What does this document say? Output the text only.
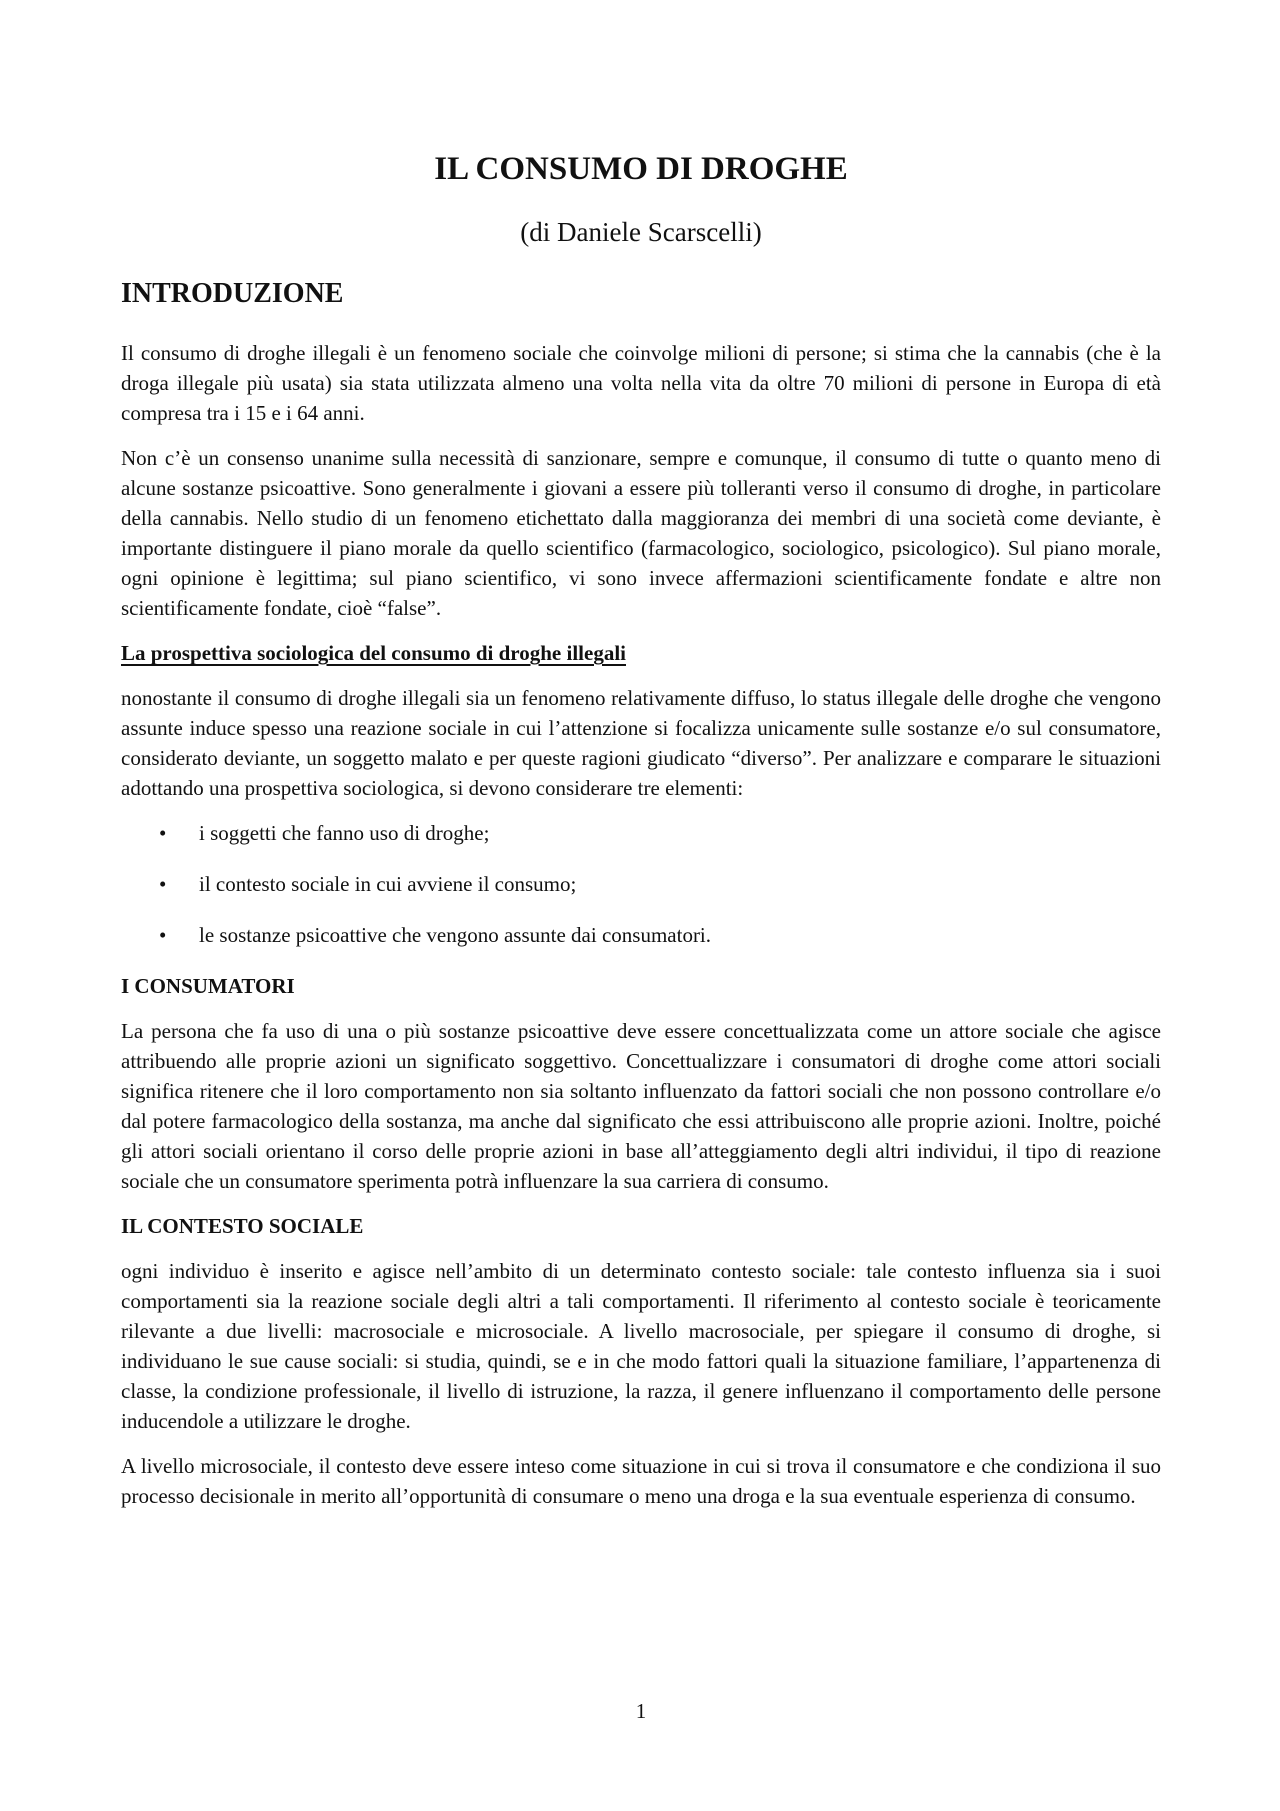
IL CONSUMO DI DROGHE
(di Daniele Scarscelli)
INTRODUZIONE

Il consumo di droghe illegali è un fenomeno sociale che coinvolge milioni di persone; si stima che la cannabis (che è la droga illegale più usata) sia stata utilizzata almeno una volta nella vita da oltre 70 milioni di persone in Europa di età compresa tra i 15 e i 64 anni.

Non c’è un consenso unanime sulla necessità di sanzionare, sempre e comunque, il consumo di tutte o quanto meno di alcune sostanze psicoattive. Sono generalmente i giovani a essere più tolleranti verso il consumo di droghe, in particolare della cannabis. Nello studio di un fenomeno etichettato dalla maggioranza dei membri di una società come deviante, è importante distinguere il piano morale da quello scientifico (farmacologico, sociologico, psicologico). Sul piano morale, ogni opinione è legittima; sul piano scientifico, vi sono invece affermazioni scientificamente fondate e altre non scientificamente fondate, cioè “false”.

La prospettiva sociologica del consumo di droghe illegali

nonostante il consumo di droghe illegali sia un fenomeno relativamente diffuso, lo status illegale delle droghe che vengono assunte induce spesso una reazione sociale in cui l’attenzione si focalizza unicamente sulle sostanze e/o sul consumatore, considerato deviante, un soggetto malato e per queste ragioni giudicato “diverso”. Per analizzare e comparare le situazioni adottando una prospettiva sociologica, si devono considerare tre elementi:

• i soggetti che fanno uso di droghe;
• il contesto sociale in cui avviene il consumo;
• le sostanze psicoattive che vengono assunte dai consumatori.
I CONSUMATORI

La persona che fa uso di una o più sostanze psicoattive deve essere concettualizzata come un attore sociale che agisce attribuendo alle proprie azioni un significato soggettivo. Concettualizzare i consumatori di droghe come attori sociali significa ritenere che il loro comportamento non sia soltanto influenzato da fattori sociali che non possono controllare e/o dal potere farmacologico della sostanza, ma anche dal significato che essi attribuiscono alle proprie azioni. Inoltre, poiché gli attori sociali orientano il corso delle proprie azioni in base all’atteggiamento degli altri individui, il tipo di reazione sociale che un consumatore sperimenta potrà influenzare la sua carriera di consumo.

IL CONTESTO SOCIALE

ogni individuo è inserito e agisce nell’ambito di un determinato contesto sociale: tale contesto influenza sia i suoi comportamenti sia la reazione sociale degli altri a tali comportamenti. Il riferimento al contesto sociale è teoricamente rilevante a due livelli: macrosociale e microsociale. A livello macrosociale, per spiegare il consumo di droghe, si individuano le sue cause sociali: si studia, quindi, se e in che modo fattori quali la situazione familiare, l’appartenenza di classe, la condizione professionale, il livello di istruzione, la razza, il genere influenzano il comportamento delle persone inducendole a utilizzare le droghe.

A livello microsociale, il contesto deve essere inteso come situazione in cui si trova il consumatore e che condiziona il suo processo decisionale in merito all’opportunità di consumare o meno una droga e la sua eventuale esperienza di consumo.

1
